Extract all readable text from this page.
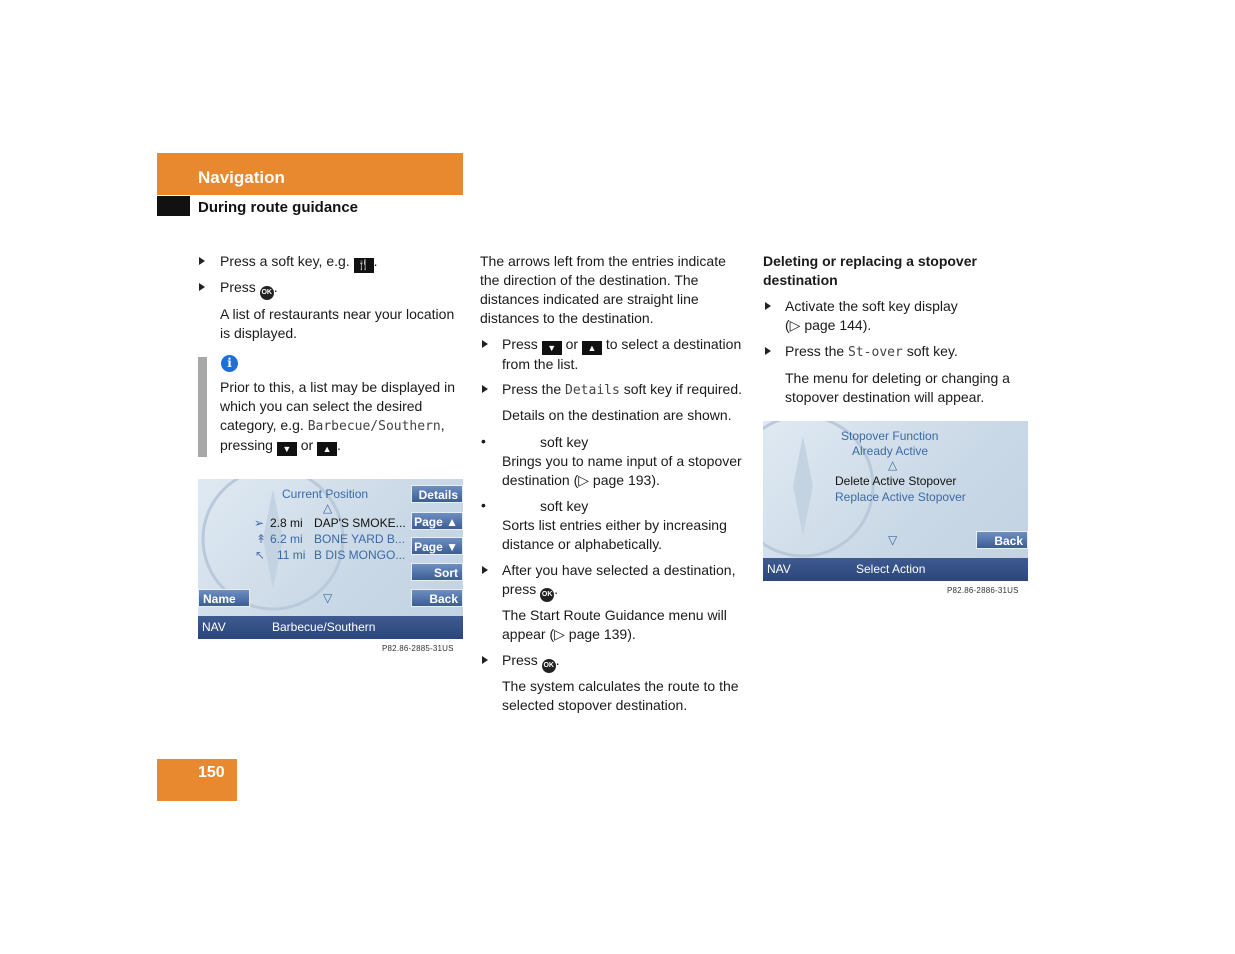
Navigation
During route guidance
Press a soft key, e.g. 🍴 .
Press OK .
A list of restaurants near your location
is displayed.
i
Prior to this, a list may be displayed in
which you can select the desired
category, e.g. Barbecue/Southern,
pressing ▼ or ▲ .
Current Position
△
➢ 2.8 mi DAP'S SMOKE...
↟ 6.2 mi BONE YARD B...
↖ 11 mi B DIS MONGO...
Details
Page ▲
Page ▼
Sort
Back
Name	▽
NAV	Barbecue/Southern
P82.86-2885-31US
The arrows left from the entries indicate
the direction of the destination. The
distances indicated are straight line
distances to the destination.
Press ▼ or ▲ to select a destination
from the list.
Press the Details soft key if required.
Details on the destination are shown.
•	soft key
Brings you to name input of a stopover
destination (▷ page 193).
•	soft key
Sorts list entries either by increasing
distance or alphabetically.
After you have selected a destination,
press OK .
The Start Route Guidance menu will
appear (▷ page 139).
Press OK .
The system calculates the route to the
selected stopover destination.
Deleting or replacing a stopover
destination
Activate the soft key display
(▷ page 144).
Press the St-over soft key.
The menu for deleting or changing a
stopover destination will appear.
Stopover Function
Already Active
△
Delete Active Stopover
Replace Active Stopover
▽	Back
NAV	Select Action
P82.86-2886-31US
150
